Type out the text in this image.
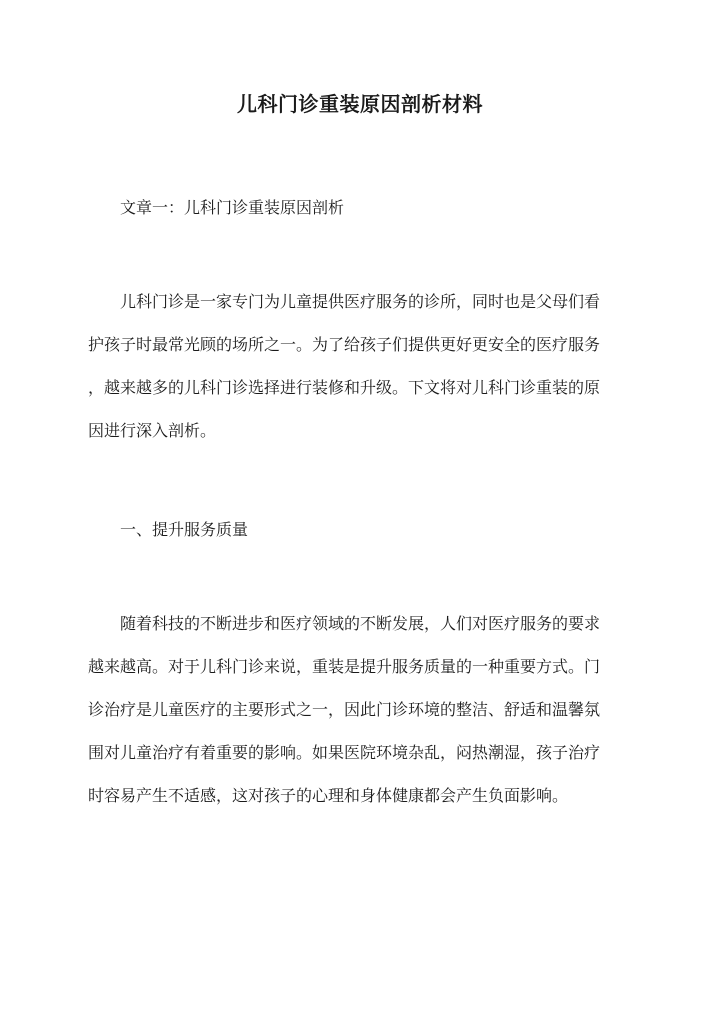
儿科门诊重装原因剖析材料

文章一：儿科门诊重装原因剖析

儿科门诊是一家专门为儿童提供医疗服务的诊所，同时也是父母们看

护孩子时最常光顾的场所之一。为了给孩子们提供更好更安全的医疗服务

，越来越多的儿科门诊选择进行装修和升级。下文将对儿科门诊重装的原

因进行深入剖析。

一、提升服务质量

随着科技的不断进步和医疗领域的不断发展，人们对医疗服务的要求

越来越高。对于儿科门诊来说，重装是提升服务质量的一种重要方式。门

诊治疗是儿童医疗的主要形式之一，因此门诊环境的整洁、舒适和温馨氛

围对儿童治疗有着重要的影响。如果医院环境杂乱，闷热潮湿，孩子治疗

时容易产生不适感，这对孩子的心理和身体健康都会产生负面影响。
